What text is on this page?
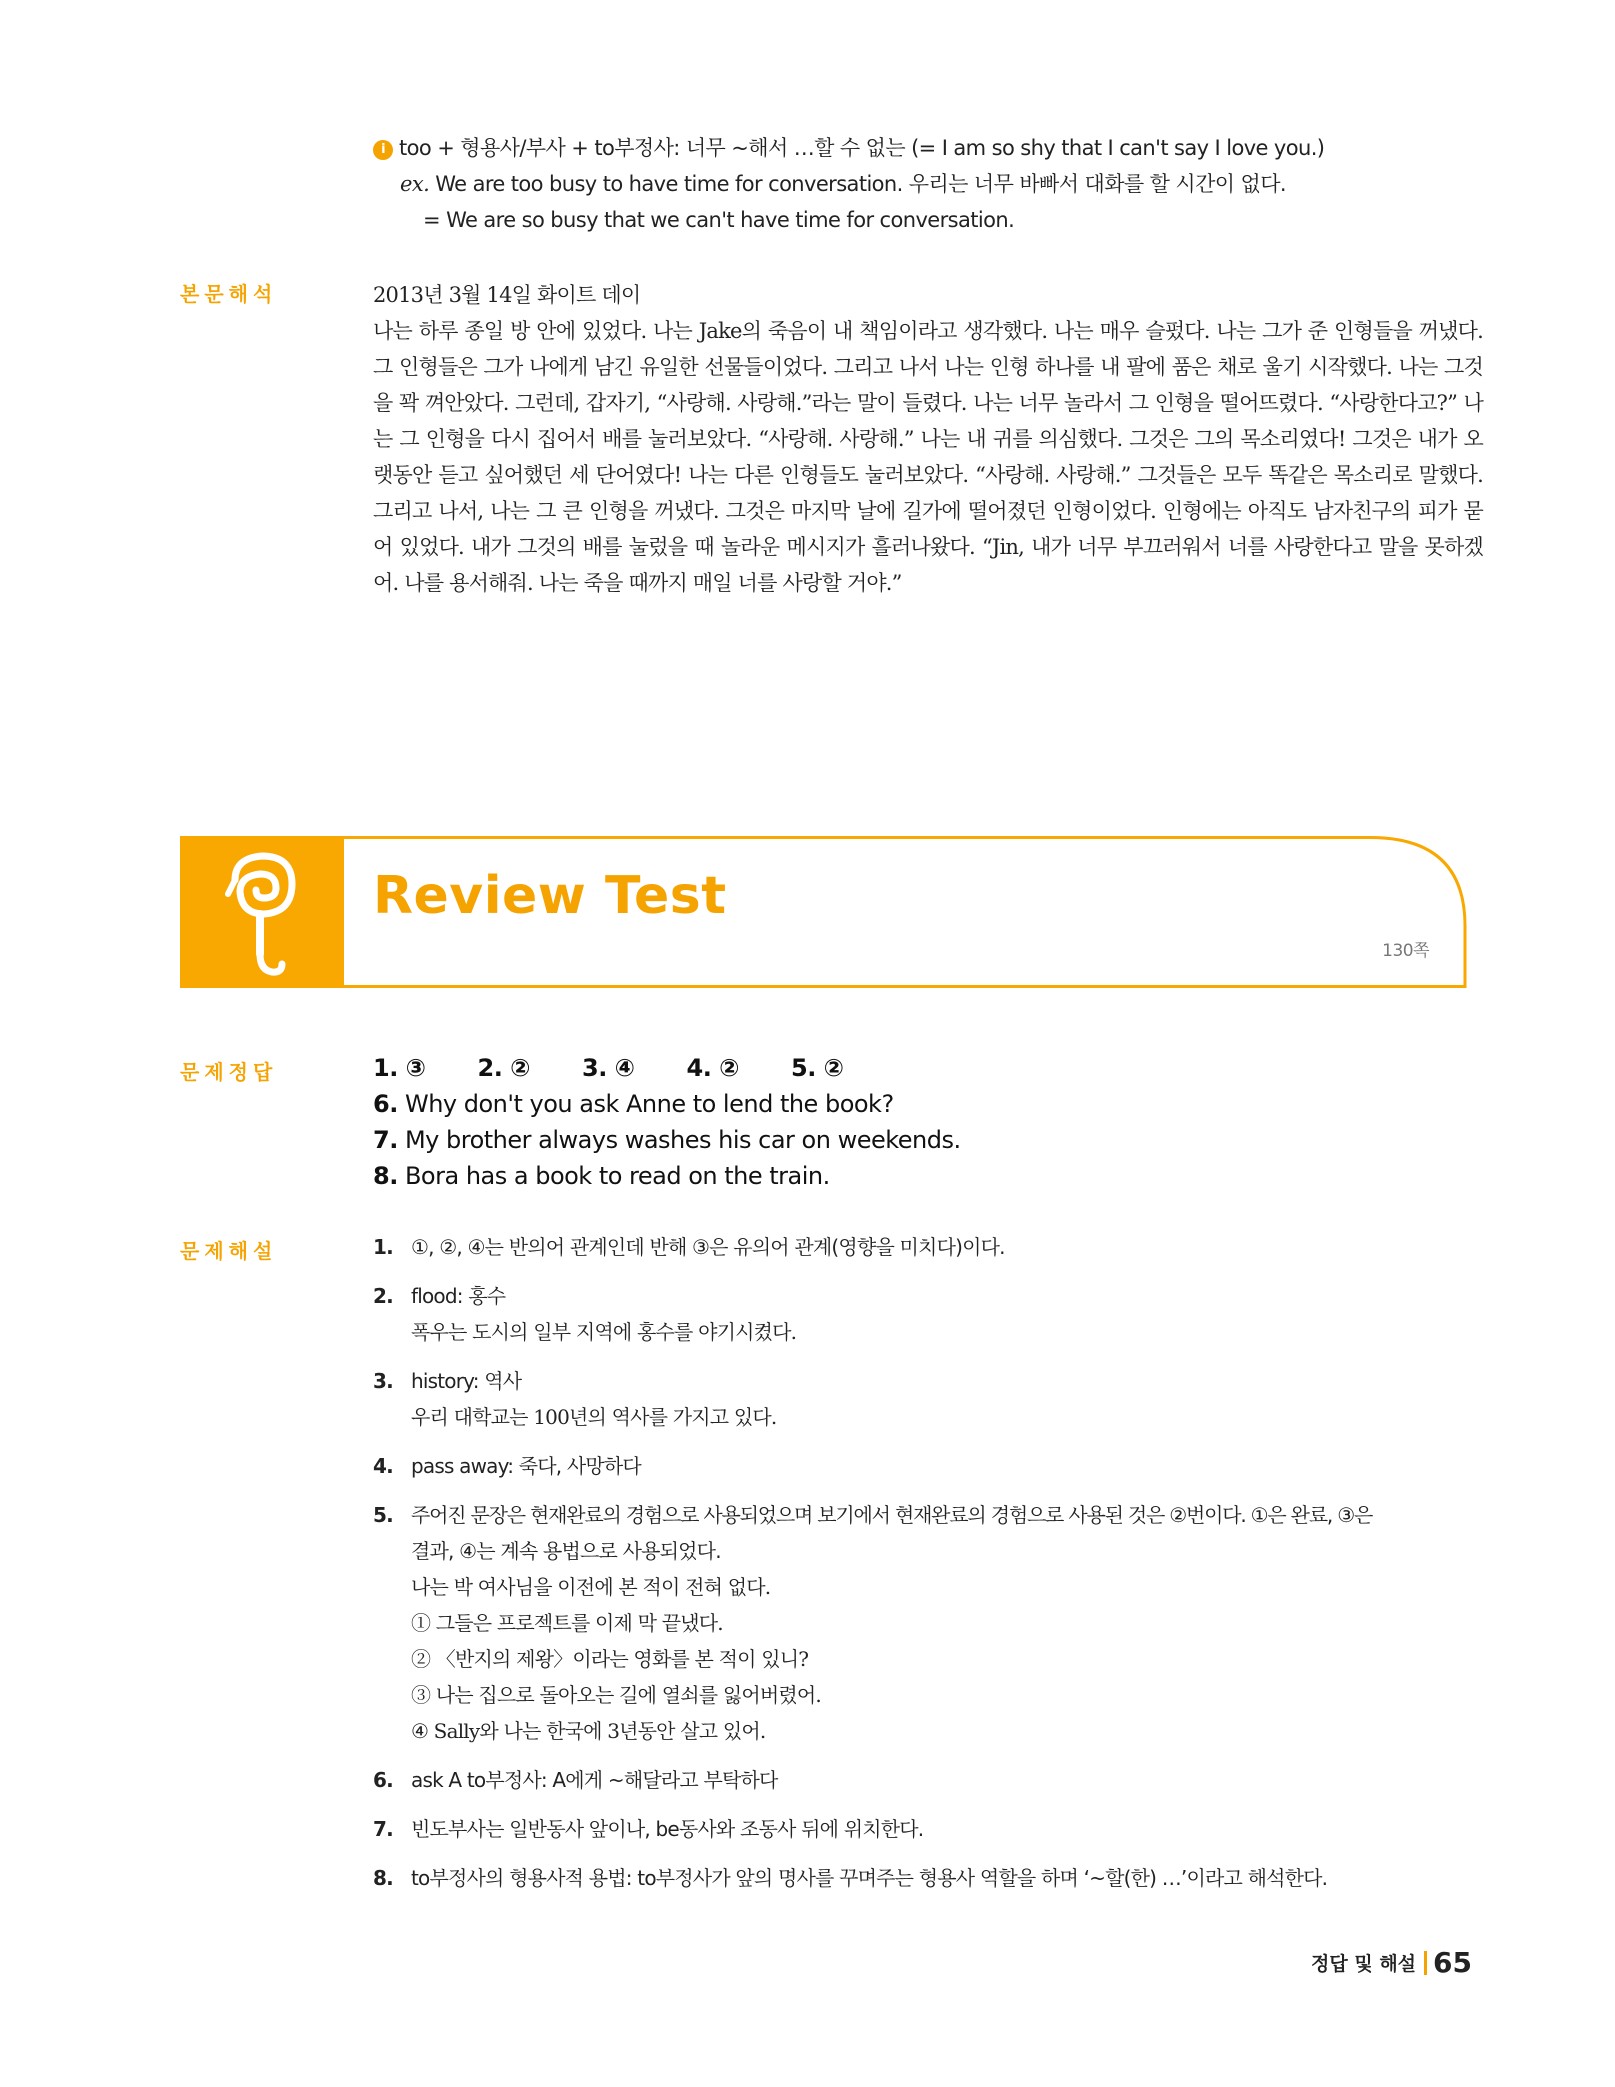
i too + 형용사/부사 + to부정사: 너무 ~해서 …할 수 없는 (= I am so shy that I can't say I love you.)
ex. We are too busy to have time for conversation. 우리는 너무 바빠서 대화를 할 시간이 없다.
= We are so busy that we can't have time for conversation.
본문해석	2013년 3월 14일 화이트 데이
나는 하루 종일 방 안에 있었다. 나는 Jake의 죽음이 내 책임이라고 생각했다. 나는 매우 슬펐다. 나는 그가 준 인형들을 꺼냈다. 그 인형들은 그가 나에게 남긴 유일한 선물들이었다. 그리고 나서 나는 인형 하나를 내 팔에 품은 채로 울기 시작했다. 나는 그것을 꽉 껴안았다. 그런데, 갑자기, “사랑해. 사랑해.”라는 말이 들렸다. 나는 너무 놀라서 그 인형을 떨어뜨렸다. “사랑한다고?” 나는 그 인형을 다시 집어서 배를 눌러보았다. “사랑해. 사랑해.” 나는 내 귀를 의심했다. 그것은 그의 목소리였다! 그것은 내가 오랫동안 듣고 싶어했던 세 단어였다! 나는 다른 인형들도 눌러보았다. “사랑해. 사랑해.” 그것들은 모두 똑같은 목소리로 말했다. 그리고 나서, 나는 그 큰 인형을 꺼냈다. 그것은 마지막 날에 길가에 떨어졌던 인형이었다. 인형에는 아직도 남자친구의 피가 묻어 있었다. 내가 그것의 배를 눌렀을 때 놀라운 메시지가 흘러나왔다. “Jin, 내가 너무 부끄러워서 너를 사랑한다고 말을 못하겠어. 나를 용서해줘. 나는 죽을 때까지 매일 너를 사랑할 거야.”
Review Test
130쪽
문제정답	1. ③ 2. ② 3. ④ 4. ② 5. ②
6. Why don't you ask Anne to lend the book?
7. My brother always washes his car on weekends.
8. Bora has a book to read on the train.
문제해설	1. ①, ②, ④는 반의어 관계인데 반해 ③은 유의어 관계(영향을 미치다)이다.
2. flood: 홍수
폭우는 도시의 일부 지역에 홍수를 야기시켰다.
3. history: 역사
우리 대학교는 100년의 역사를 가지고 있다.
4. pass away: 죽다, 사망하다
5. 주어진 문장은 현재완료의 경험으로 사용되었으며 보기에서 현재완료의 경험으로 사용된 것은 ②번이다. ①은 완료, ③은
결과, ④는 계속 용법으로 사용되었다.
나는 박 여사님을 이전에 본 적이 전혀 없다.
① 그들은 프로젝트를 이제 막 끝냈다.
② 〈반지의 제왕〉이라는 영화를 본 적이 있니?
③ 나는 집으로 돌아오는 길에 열쇠를 잃어버렸어.
④ Sally와 나는 한국에 3년동안 살고 있어.
6. ask A to부정사: A에게 ~해달라고 부탁하다
7. 빈도부사는 일반동사 앞이나, be동사와 조동사 뒤에 위치한다.
8. to부정사의 형용사적 용법: to부정사가 앞의 명사를 꾸며주는 형용사 역할을 하며 ‘~할(한) …’이라고 해석한다.
정답 및 해설 65
